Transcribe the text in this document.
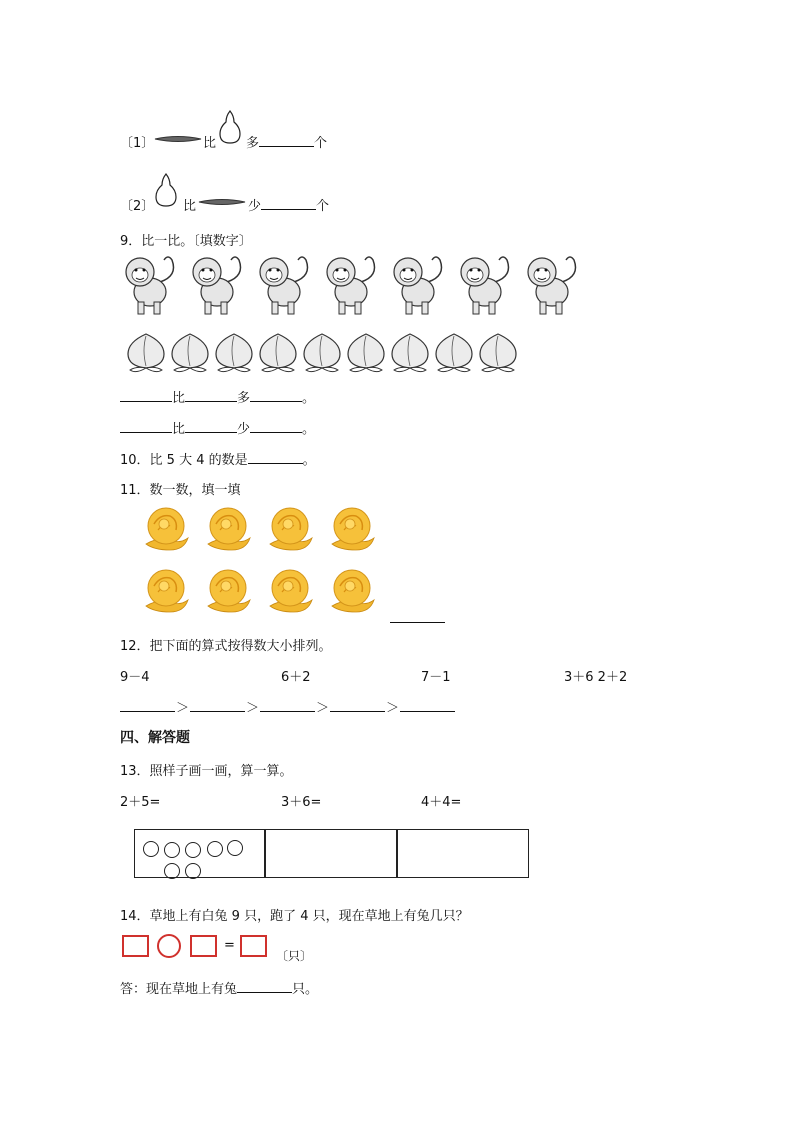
〔1〕	比 多	个
〔2〕 比	少	个
9．比一比。〔填数字〕
比	多	。
比	少	。
10．比 5 大 4 的数是	。
11．数一数，填一填
12．把下面的算式按得数大小排列。
9－4	6＋2	7－1	3＋6 2＋2
＞	＞	＞	＞
四、解答题
13．照样子画一画，算一算。
2＋5=	3＋6=	4＋4=
14．草地上有白兔 9 只，跑了 4 只，现在草地上有兔几只？
=
〔只〕
答：现在草地上有兔	只。
